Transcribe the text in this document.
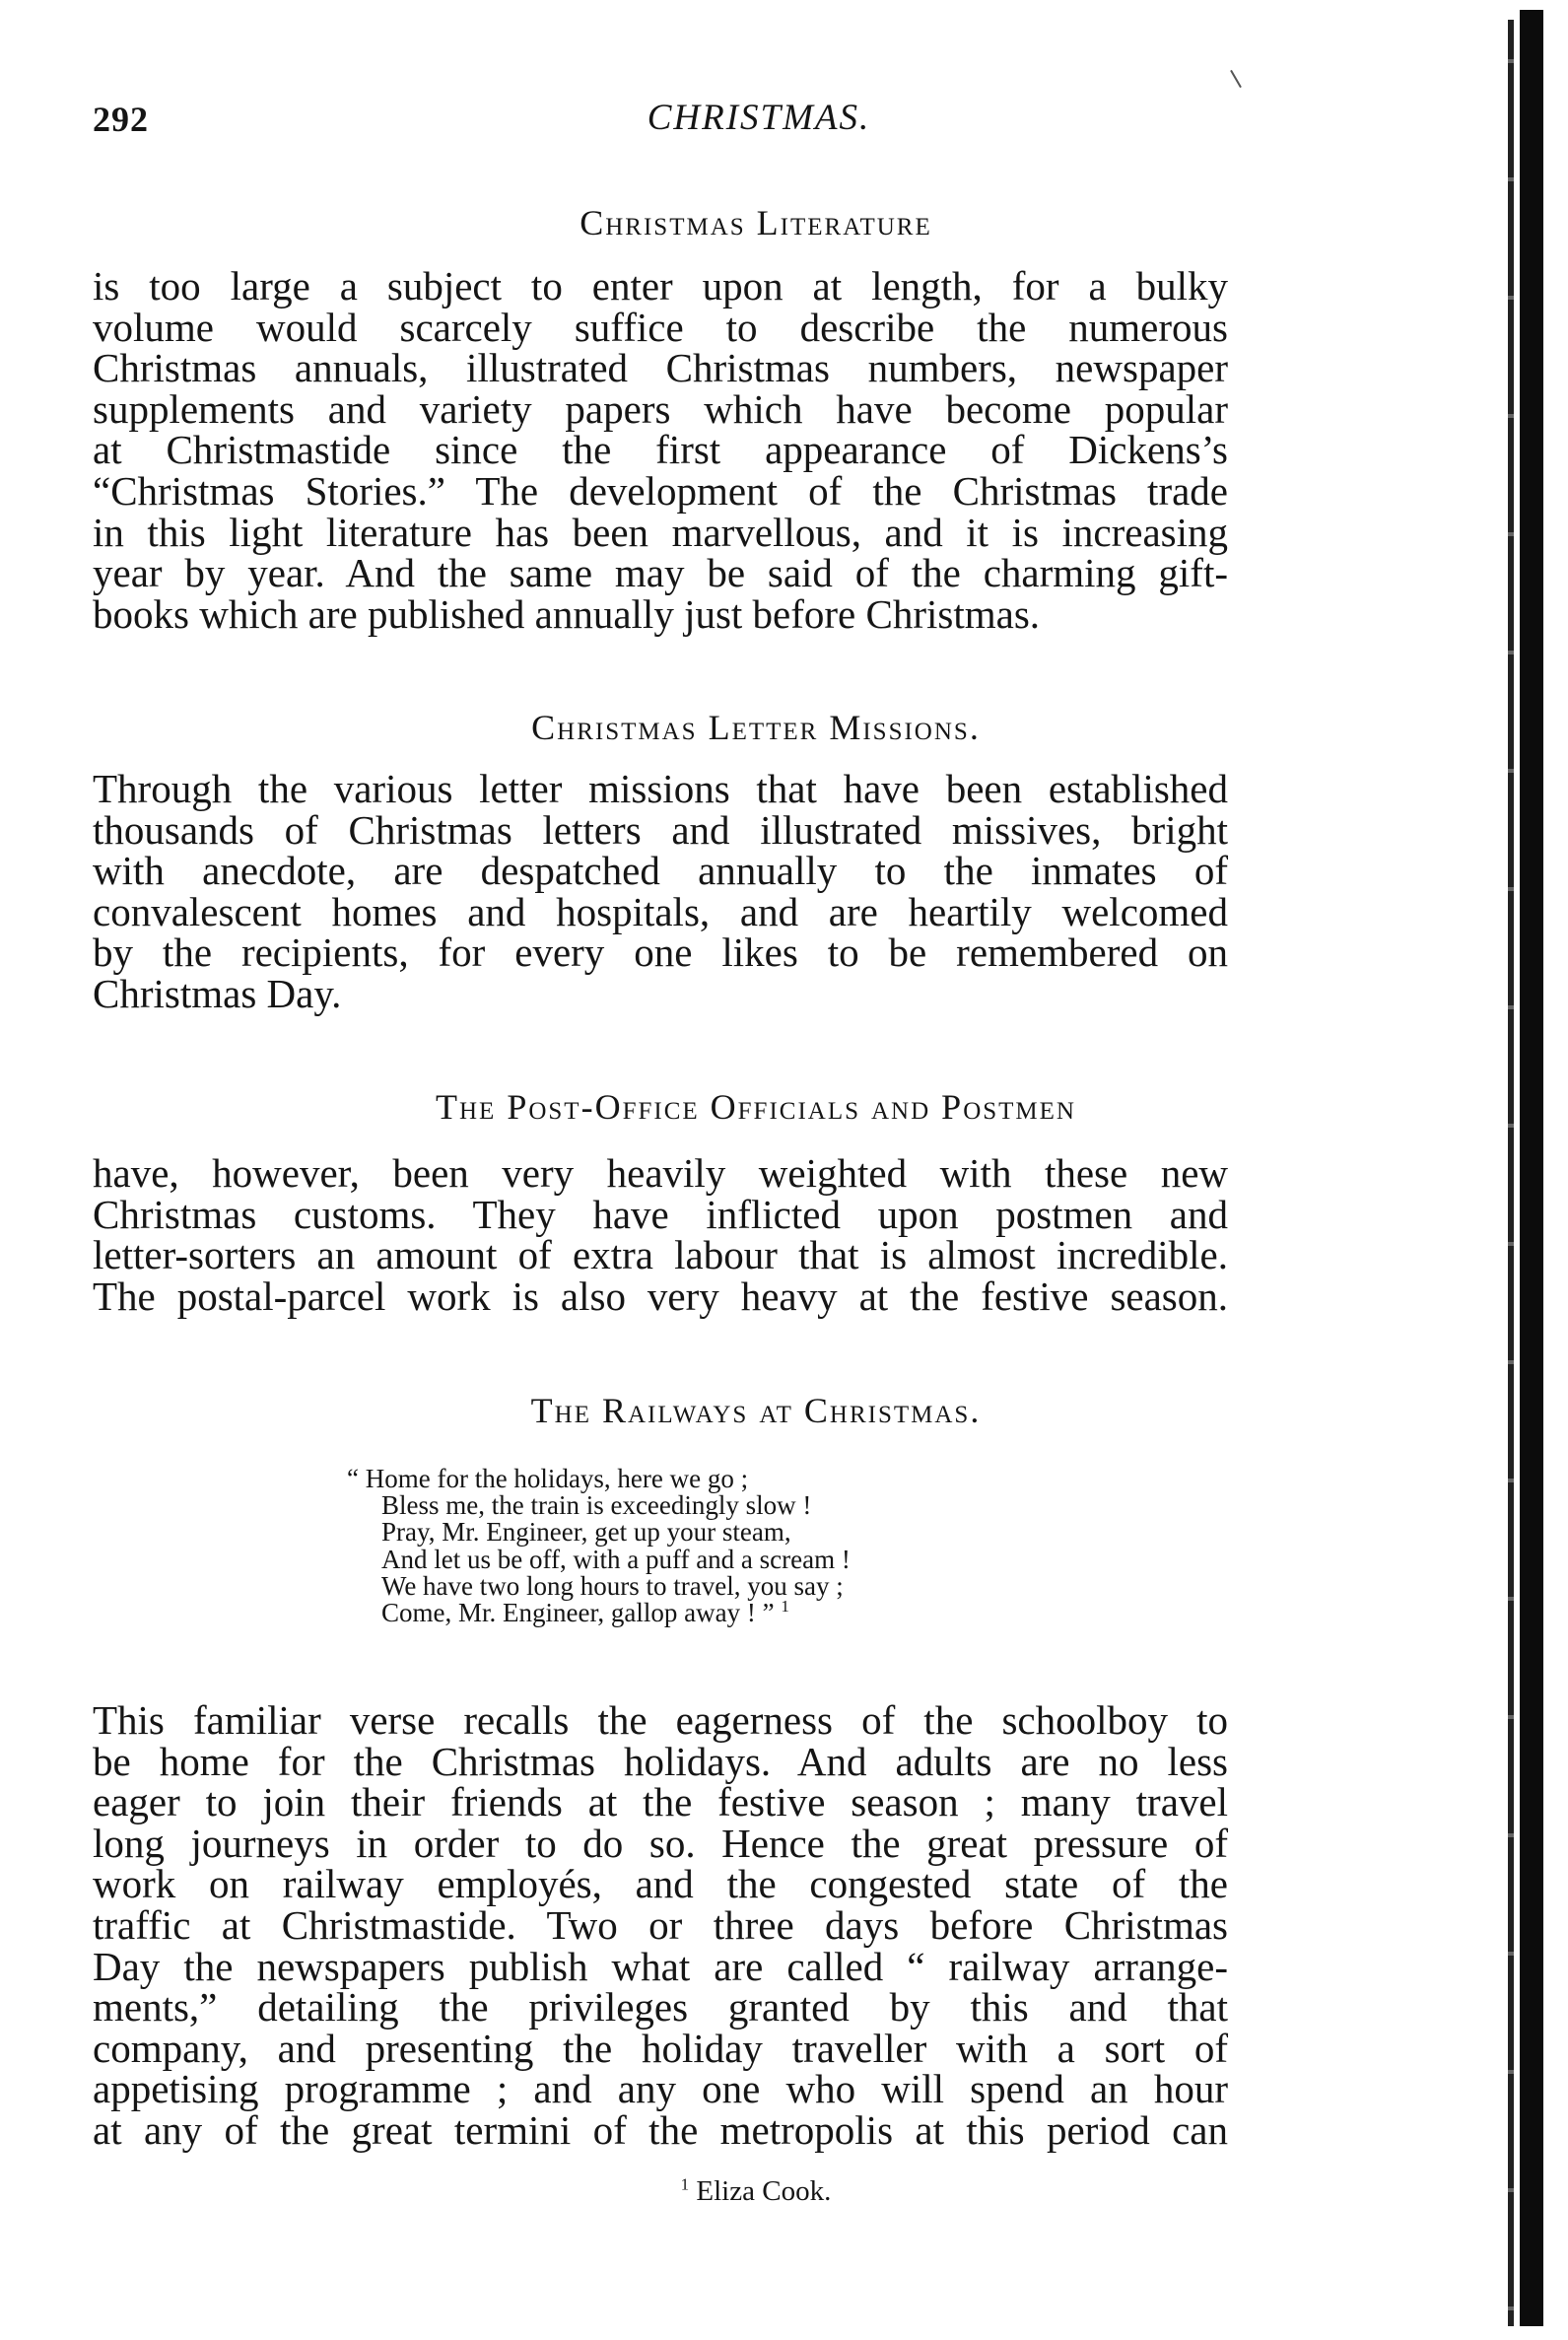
292	CHRISTMAS.
Christmas Literature
is too large a subject to enter upon at length, for a bulky
volume would scarcely suffice to describe the numerous
Christmas annuals, illustrated Christmas numbers, newspaper
supplements and variety papers which have become popular
at Christmastide since the first appearance of Dickens’s
“Christmas Stories.” The development of the Christmas trade
in this light literature has been marvellous, and it is increasing
year by year. And the same may be said of the charming gift-
books which are published annually just before Christmas.
Christmas Letter Missions.
Through the various letter missions that have been established
thousands of Christmas letters and illustrated missives, bright
with anecdote, are despatched annually to the inmates of
convalescent homes and hospitals, and are heartily welcomed
by the recipients, for every one likes to be remembered on
Christmas Day.
The Post-Office Officials and Postmen
have, however, been very heavily weighted with these new
Christmas customs. They have inflicted upon postmen and
letter-sorters an amount of extra labour that is almost incredible.
The postal-parcel work is also very heavy at the festive season.
The Railways at Christmas.
“ Home for the holidays, here we go ;
Bless me, the train is exceedingly slow !
Pray, Mr. Engineer, get up your steam,
And let us be off, with a puff and a scream !
We have two long hours to travel, you say ;
Come, Mr. Engineer, gallop away ! ” $^1$
This familiar verse recalls the eagerness of the schoolboy to
be home for the Christmas holidays. And adults are no less
eager to join their friends at the festive season ; many travel
long journeys in order to do so. Hence the great pressure of
work on railway employés, and the congested state of the
traffic at Christmastide. Two or three days before Christmas
Day the newspapers publish what are called “ railway arrange-
ments,” detailing the privileges granted by this and that
company, and presenting the holiday traveller with a sort of
appetising programme ; and any one who will spend an hour
at any of the great termini of the metropolis at this period can
$^1$ Eliza Cook.
